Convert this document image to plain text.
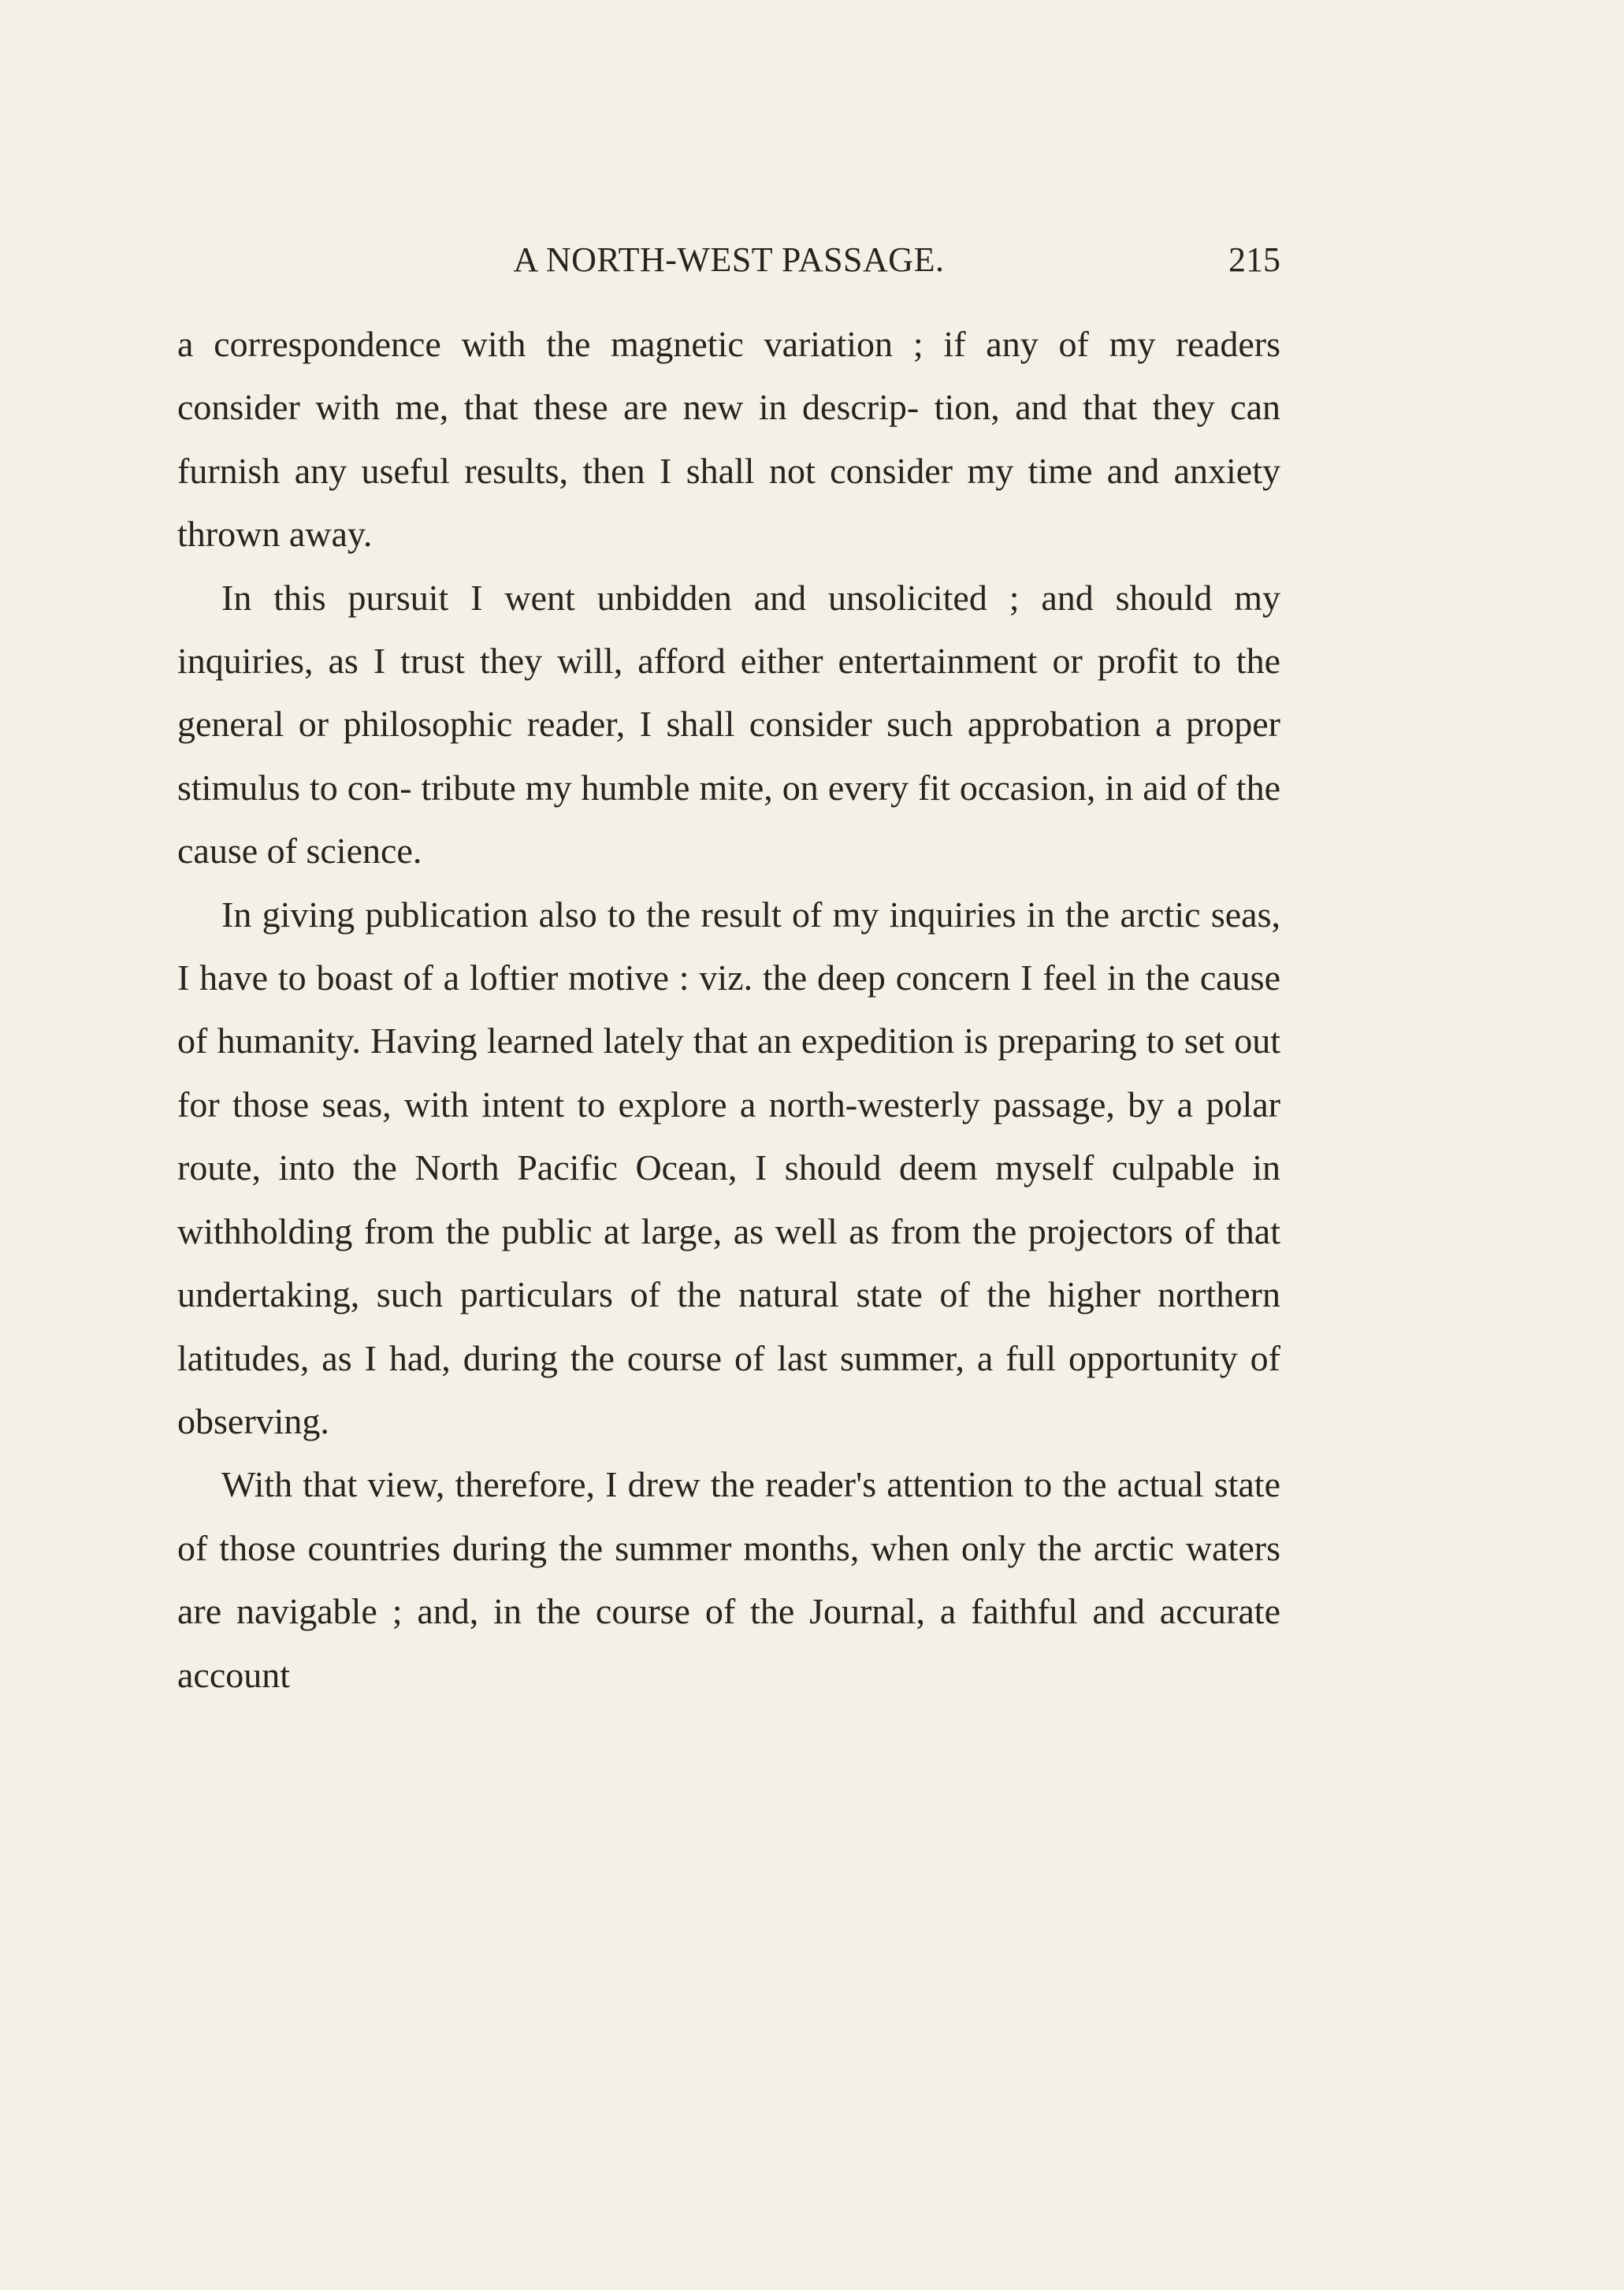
A NORTH-WEST PASSAGE.	215

a correspondence with the magnetic variation ; if any of my readers consider with me, that these are new in descrip- tion, and that they can furnish any useful results, then I shall not consider my time and anxiety thrown away.

In this pursuit I went unbidden and unsolicited ; and should my inquiries, as I trust they will, afford either entertainment or profit to the general or philosophic reader, I shall consider such approbation a proper stimulus to con- tribute my humble mite, on every fit occasion, in aid of the cause of science.

In giving publication also to the result of my inquiries in the arctic seas, I have to boast of a loftier motive : viz. the deep concern I feel in the cause of humanity. Having learned lately that an expedition is preparing to set out for those seas, with intent to explore a north-westerly passage, by a polar route, into the North Pacific Ocean, I should deem myself culpable in withholding from the public at large, as well as from the projectors of that undertaking, such particulars of the natural state of the higher northern latitudes, as I had, during the course of last summer, a full opportunity of observing.

With that view, therefore, I drew the reader's attention to the actual state of those countries during the summer months, when only the arctic waters are navigable ; and, in the course of the Journal, a faithful and accurate account
